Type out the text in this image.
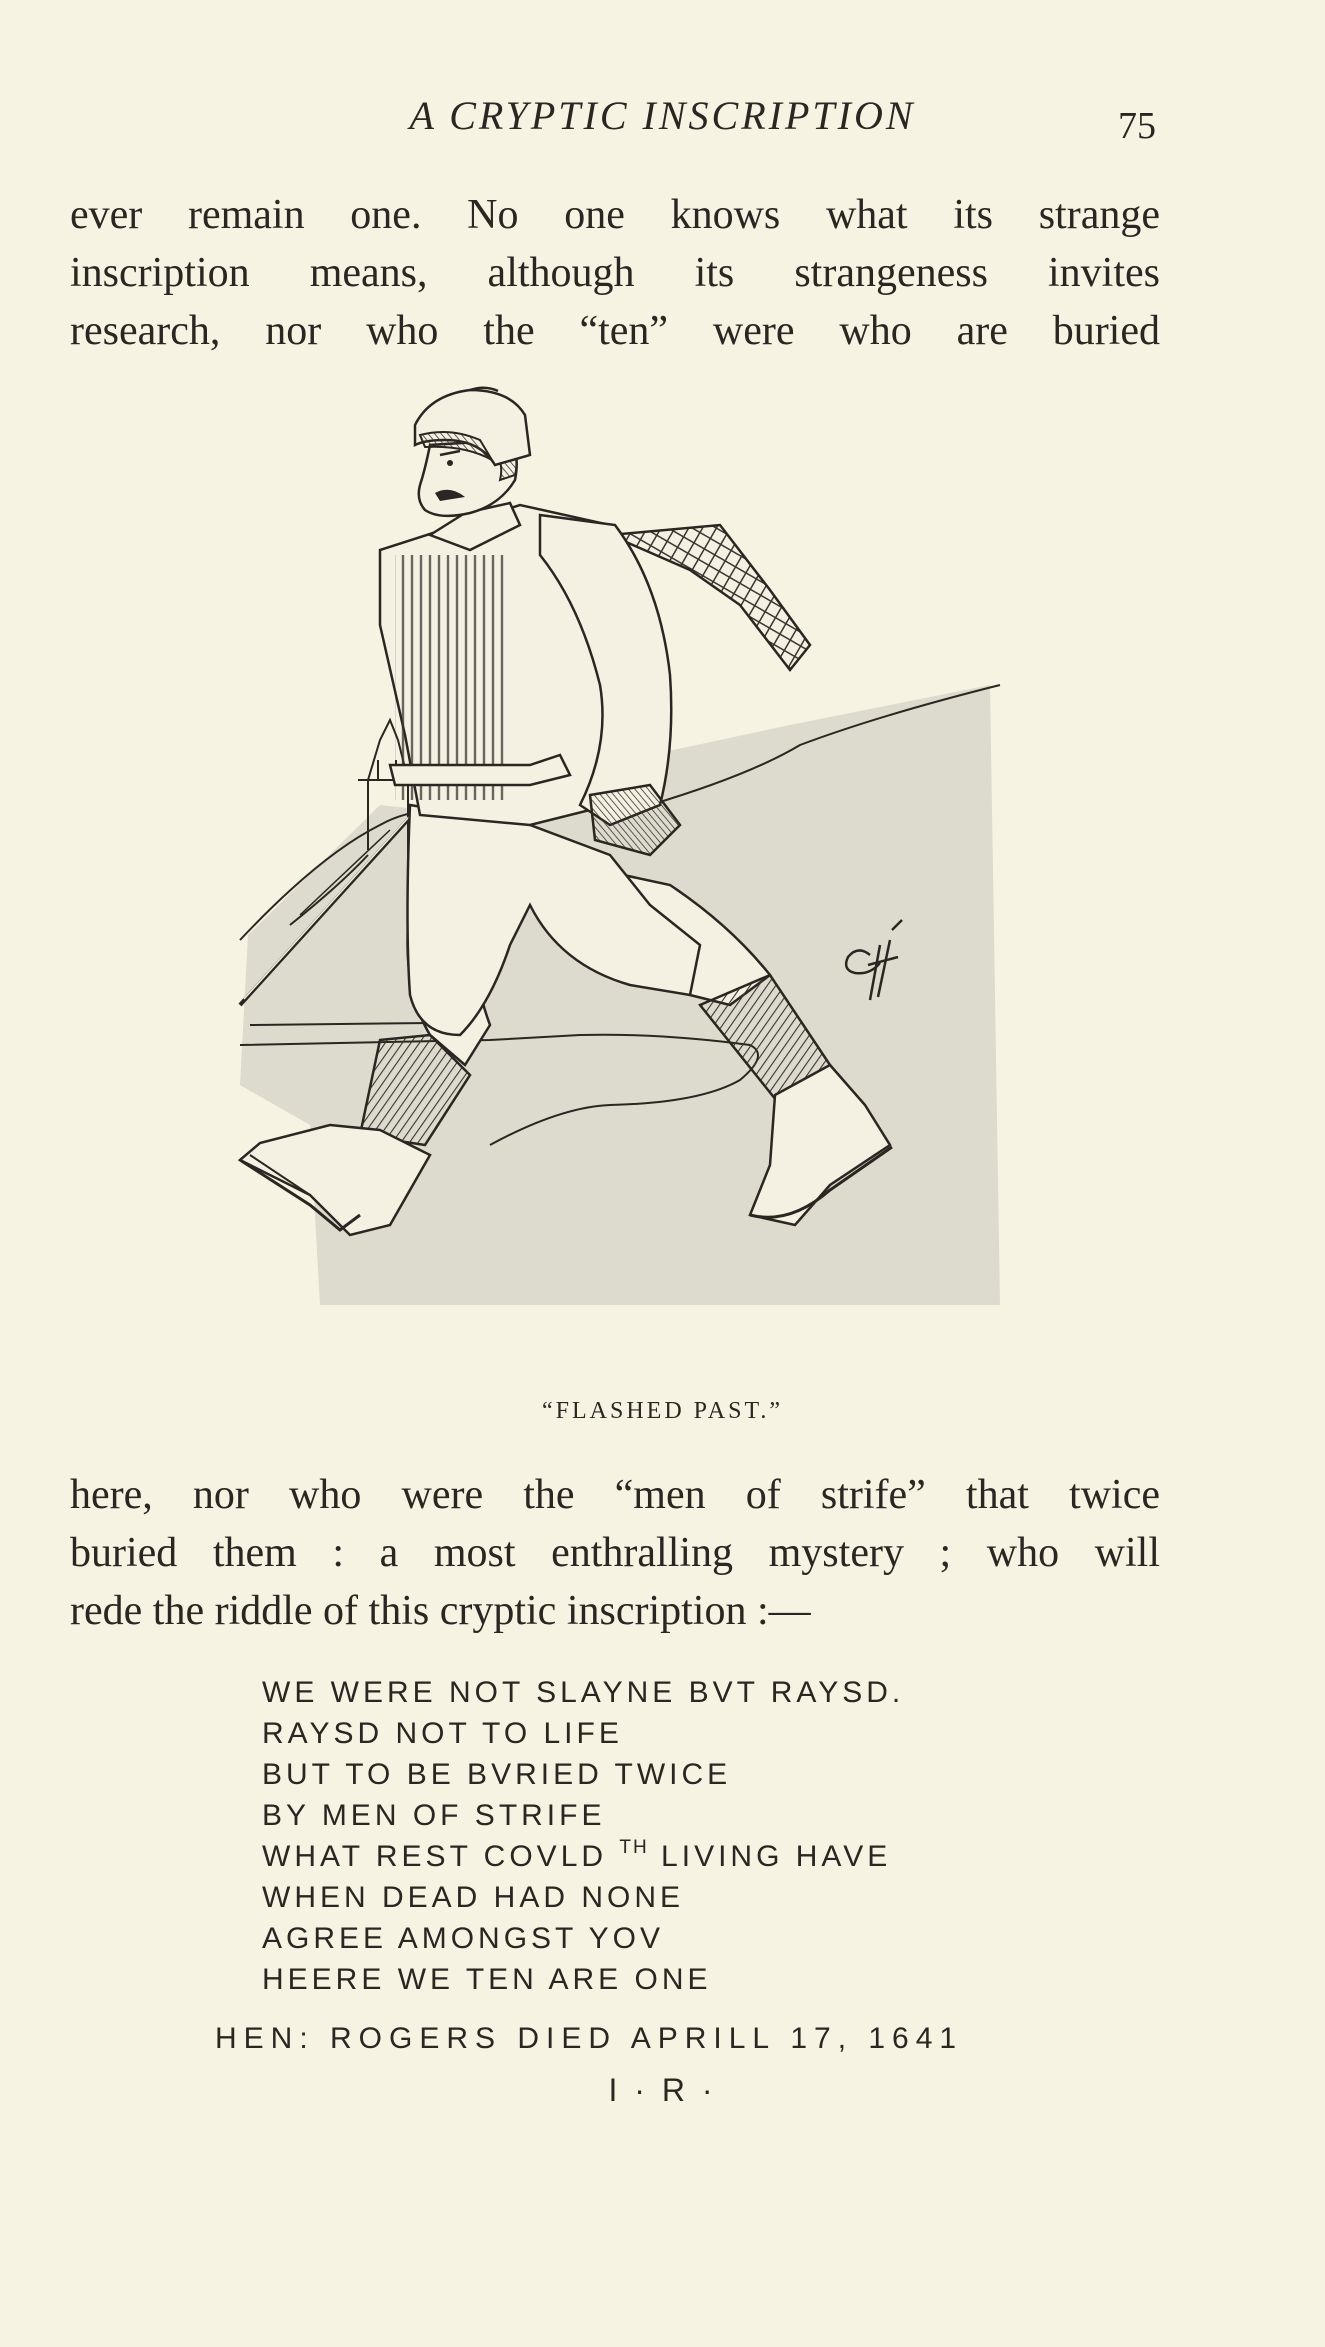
A CRYPTIC INSCRIPTION	75
ever remain one. No one knows what its strange
inscription means, although its strangeness invites
research, nor who the “ten” were who are buried
“FLASHED PAST.”
here, nor who were the “men of strife” that twice
buried them : a most enthralling mystery ; who will
rede the riddle of this cryptic inscription :—
WE WERE NOT SLAYNE BVT RAYSD.
RAYSD NOT TO LIFE
BUT TO BE BVRIED TWICE
BY MEN OF STRIFE
WHAT REST COVLD $^{TH}$ LIVING HAVE
WHEN DEAD HAD NONE
AGREE AMONGST YOV
HEERE WE TEN ARE ONE
HEN: ROGERS DIED APRILL 17, 1641
I · R ·
